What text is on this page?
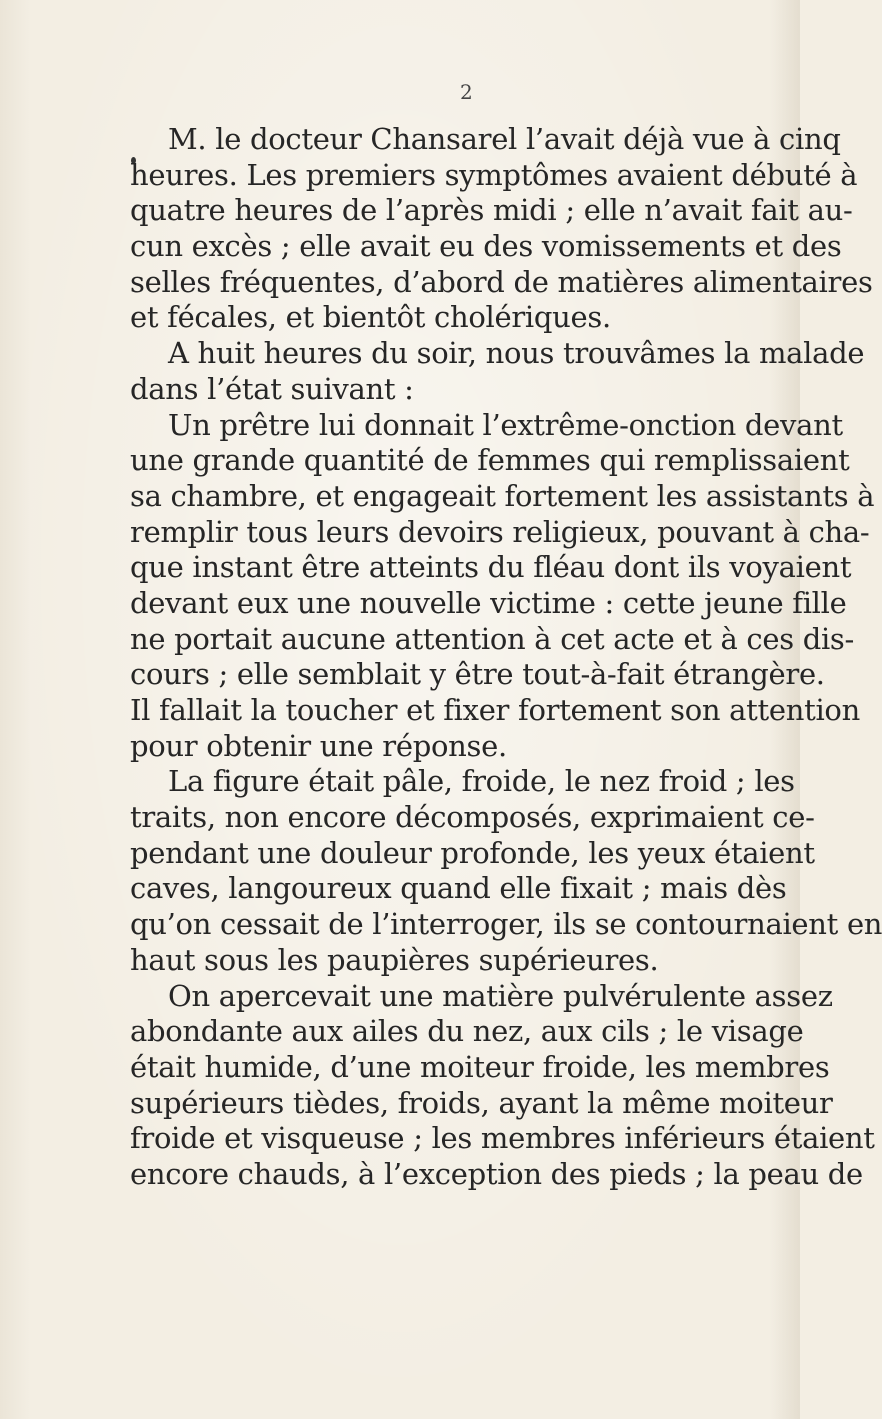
2
M. le docteur Chansarel l’avait déjà vue à cinq
heures. Les premiers symptômes avaient débuté à
quatre heures de l’après midi ; elle n’avait fait au-
cun excès ; elle avait eu des vomissements et des
selles fréquentes, d’abord de matières alimentaires
et fécales, et bientôt cholériques.
A huit heures du soir, nous trouvâmes la malade
dans l’état suivant :
Un prêtre lui donnait l’extrême-onction devant
une grande quantité de femmes qui remplissaient
sa chambre, et engageait fortement les assistants à
remplir tous leurs devoirs religieux, pouvant à cha-
que instant être atteints du fléau dont ils voyaient
devant eux une nouvelle victime : cette jeune fille
ne portait aucune attention à cet acte et à ces dis-
cours ; elle semblait y être tout-à-fait étrangère.
Il fallait la toucher et fixer fortement son attention
pour obtenir une réponse.
La figure était pâle, froide, le nez froid ; les
traits, non encore décomposés, exprimaient ce-
pendant une douleur profonde, les yeux étaient
caves, langoureux quand elle fixait ; mais dès
qu’on cessait de l’interroger, ils se contournaient en
haut sous les paupières supérieures.
On apercevait une matière pulvérulente assez
abondante aux ailes du nez, aux cils ; le visage
était humide, d’une moiteur froide, les membres
supérieurs tièdes, froids, ayant la même moiteur
froide et visqueuse ; les membres inférieurs étaient
encore chauds, à l’exception des pieds ; la peau de
